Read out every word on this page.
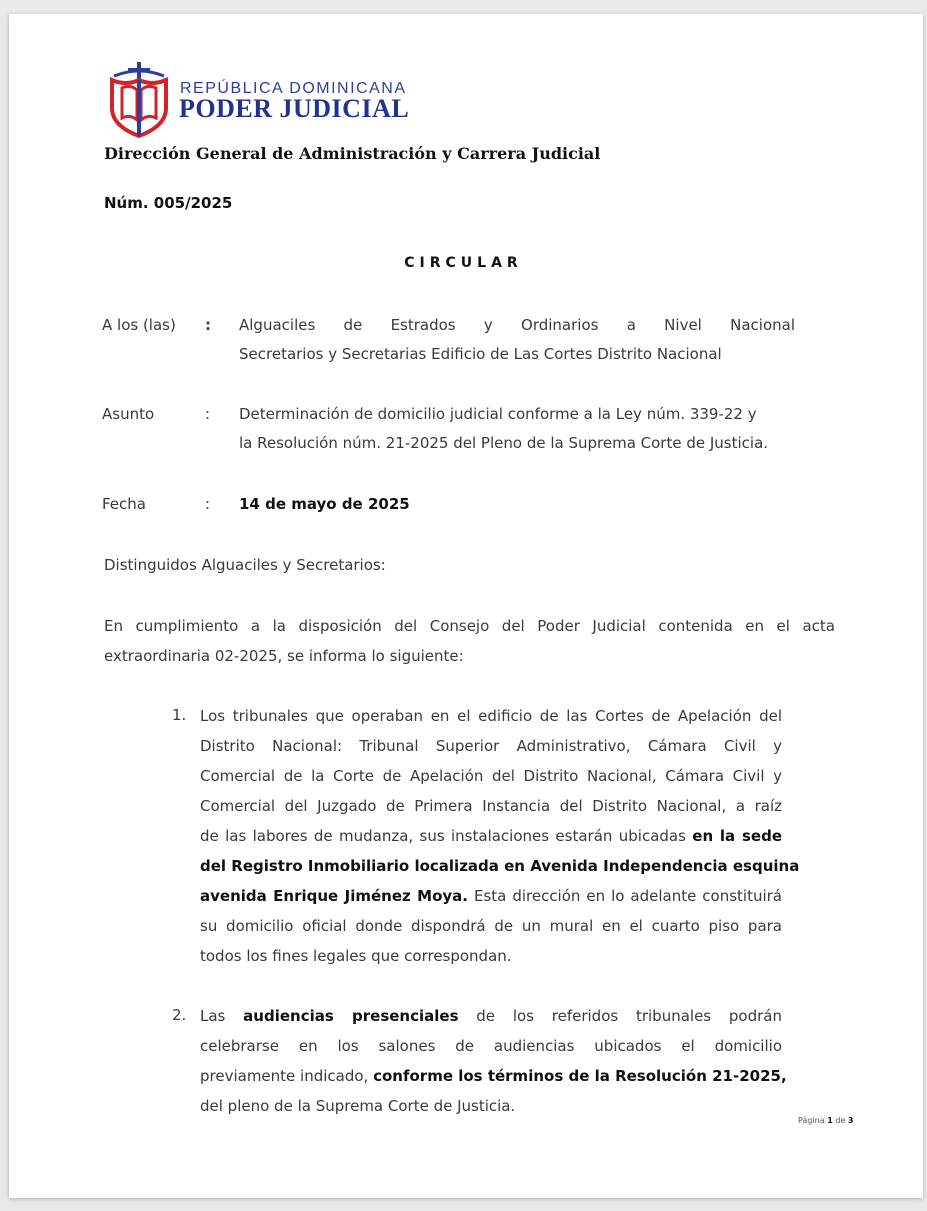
REPÚBLICA DOMINICANA
PODER JUDICIAL
Dirección General de Administración y Carrera Judicial
Núm. 005/2025
CIRCULAR
A los (las) : Alguaciles de Estrados y Ordinarios a Nivel Nacional
Secretarios y Secretarias Edificio de Las Cortes Distrito Nacional
Asunto	: Determinación de domicilio judicial conforme a la Ley núm. 339-22 y
la Resolución núm. 21-2025 del Pleno de la Suprema Corte de Justicia.
Fecha	: 14 de mayo de 2025
Distinguidos Alguaciles y Secretarios:
En cumplimiento a la disposición del Consejo del Poder Judicial contenida en el acta
extraordinaria 02-2025, se informa lo siguiente:
1. Los tribunales que operaban en el edificio de las Cortes de Apelación del
Distrito Nacional: Tribunal Superior Administrativo, Cámara Civil y
Comercial de la Corte de Apelación del Distrito Nacional, Cámara Civil y
Comercial del Juzgado de Primera Instancia del Distrito Nacional, a raíz
de las labores de mudanza, sus instalaciones estarán ubicadas en la sede
del Registro Inmobiliario localizada en Avenida Independencia esquina
avenida Enrique Jiménez Moya. Esta dirección en lo adelante constituirá
su domicilio oficial donde dispondrá de un mural en el cuarto piso para
todos los fines legales que correspondan.
2. Las audiencias presenciales de los referidos tribunales podrán
celebrarse en los salones de audiencias ubicados el domicilio
previamente indicado, conforme los términos de la Resolución 21-2025,
del pleno de la Suprema Corte de Justicia.
Página 1 de 3
